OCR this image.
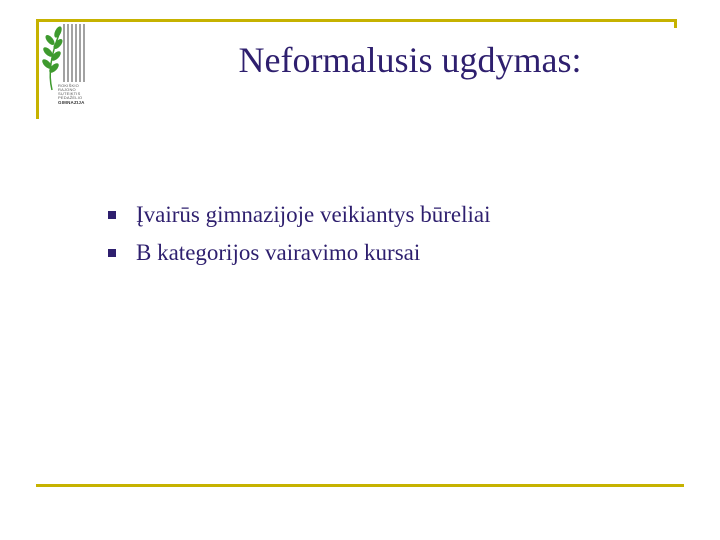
ROKIŠKIO
RAJONO
SUTEIKTIS
PĖDAŽĖLIO
GIMNAZIJA
Neformalusis ugdymas:
Įvairūs gimnazijoje veikiantys būreliai
B kategorijos vairavimo kursai
